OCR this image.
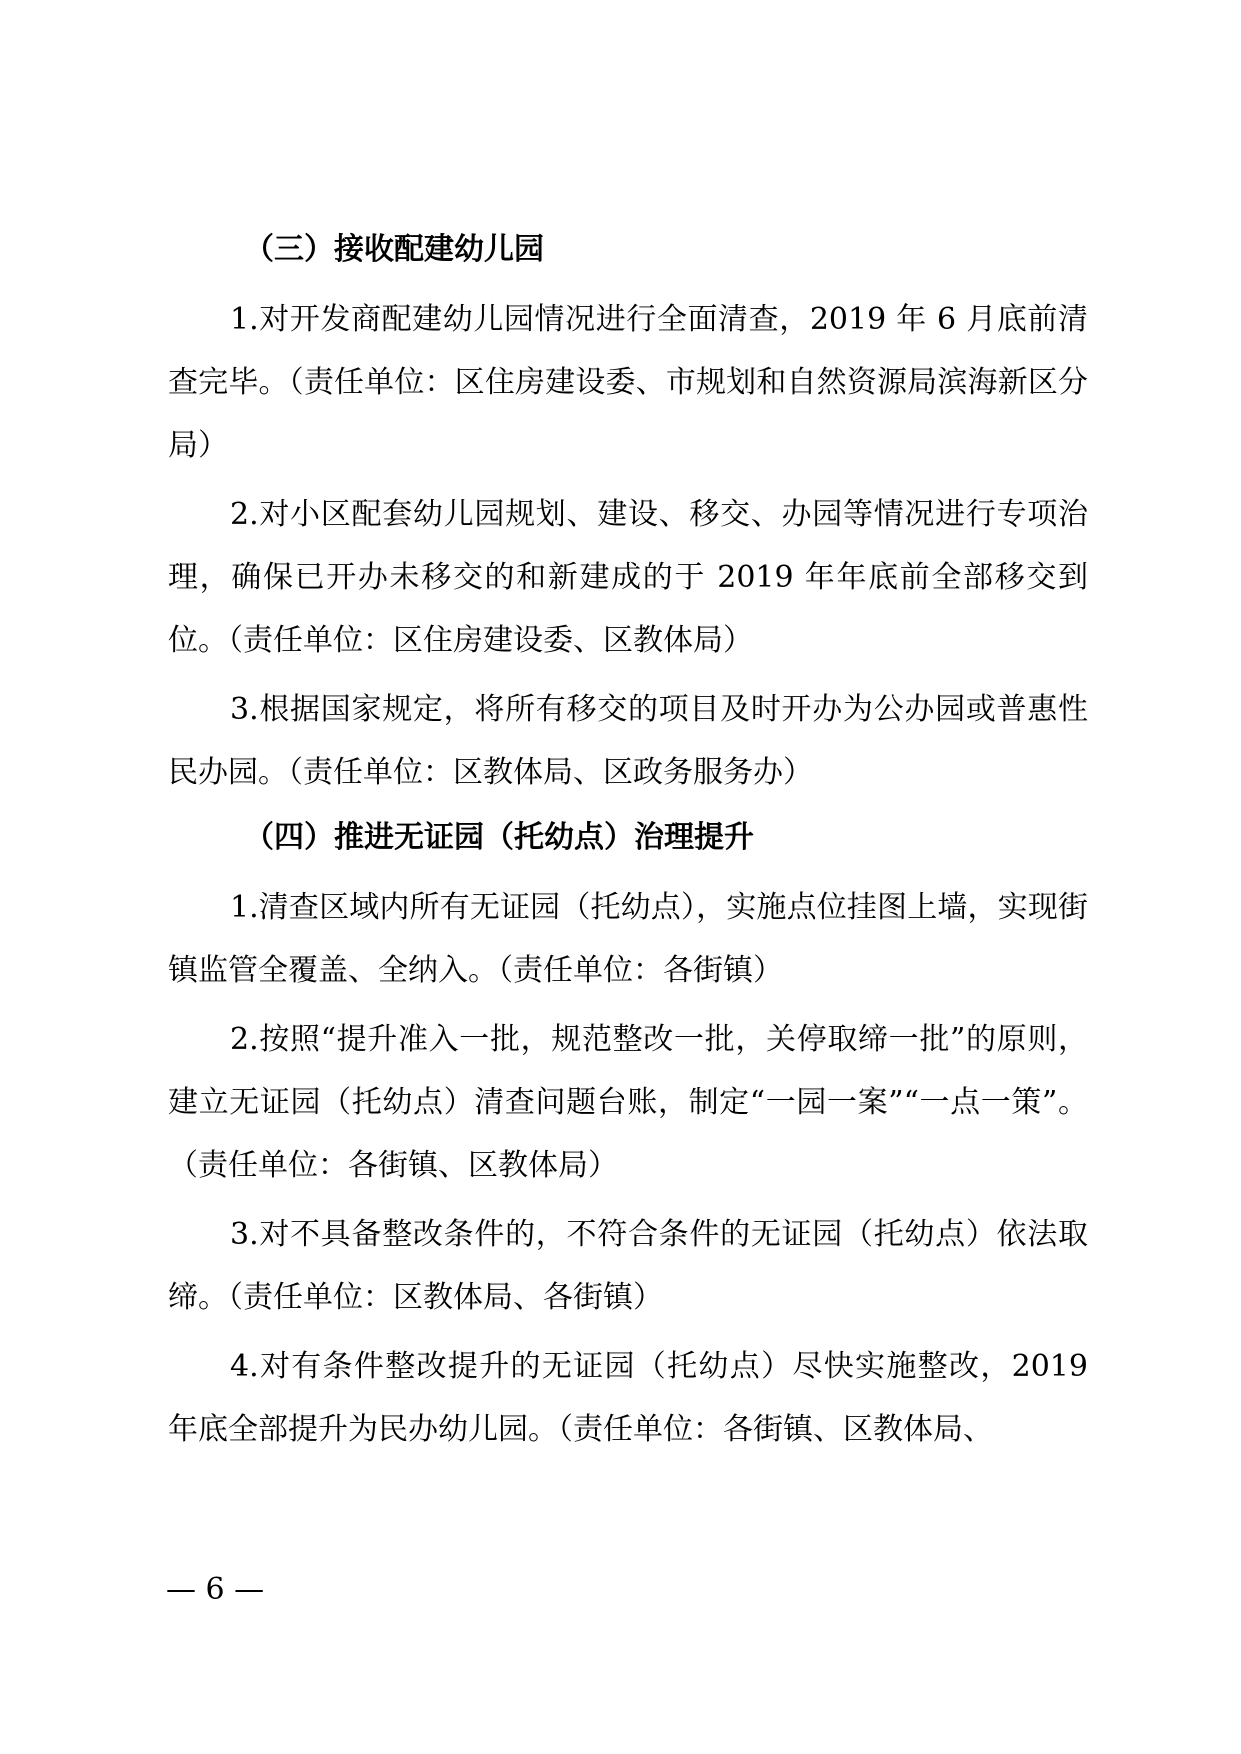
（三）接收配建幼儿园

1.对开发商配建幼儿园情况进行全面清查，2019 年 6 月底前清查完毕。（责任单位：区住房建设委、市规划和自然资源局滨海新区分局）

2.对小区配套幼儿园规划、建设、移交、办园等情况进行专项治理，确保已开办未移交的和新建成的于 2019 年年底前全部移交到位。（责任单位：区住房建设委、区教体局）

3.根据国家规定，将所有移交的项目及时开办为公办园或普惠性民办园。（责任单位：区教体局、区政务服务办）

（四）推进无证园（托幼点）治理提升

1.清查区域内所有无证园（托幼点），实施点位挂图上墙，实现街镇监管全覆盖、全纳入。（责任单位：各街镇）

2.按照“提升准入一批，规范整改一批，关停取缔一批”的原则，建立无证园（托幼点）清查问题台账，制定“一园一案”“一点一策”。（责任单位：各街镇、区教体局）

3.对不具备整改条件的，不符合条件的无证园（托幼点）依法取缔。（责任单位：区教体局、各街镇）

4.对有条件整改提升的无证园（托幼点）尽快实施整改，2019 年底全部提升为民办幼儿园。（责任单位：各街镇、区教体局、

— 6 —
